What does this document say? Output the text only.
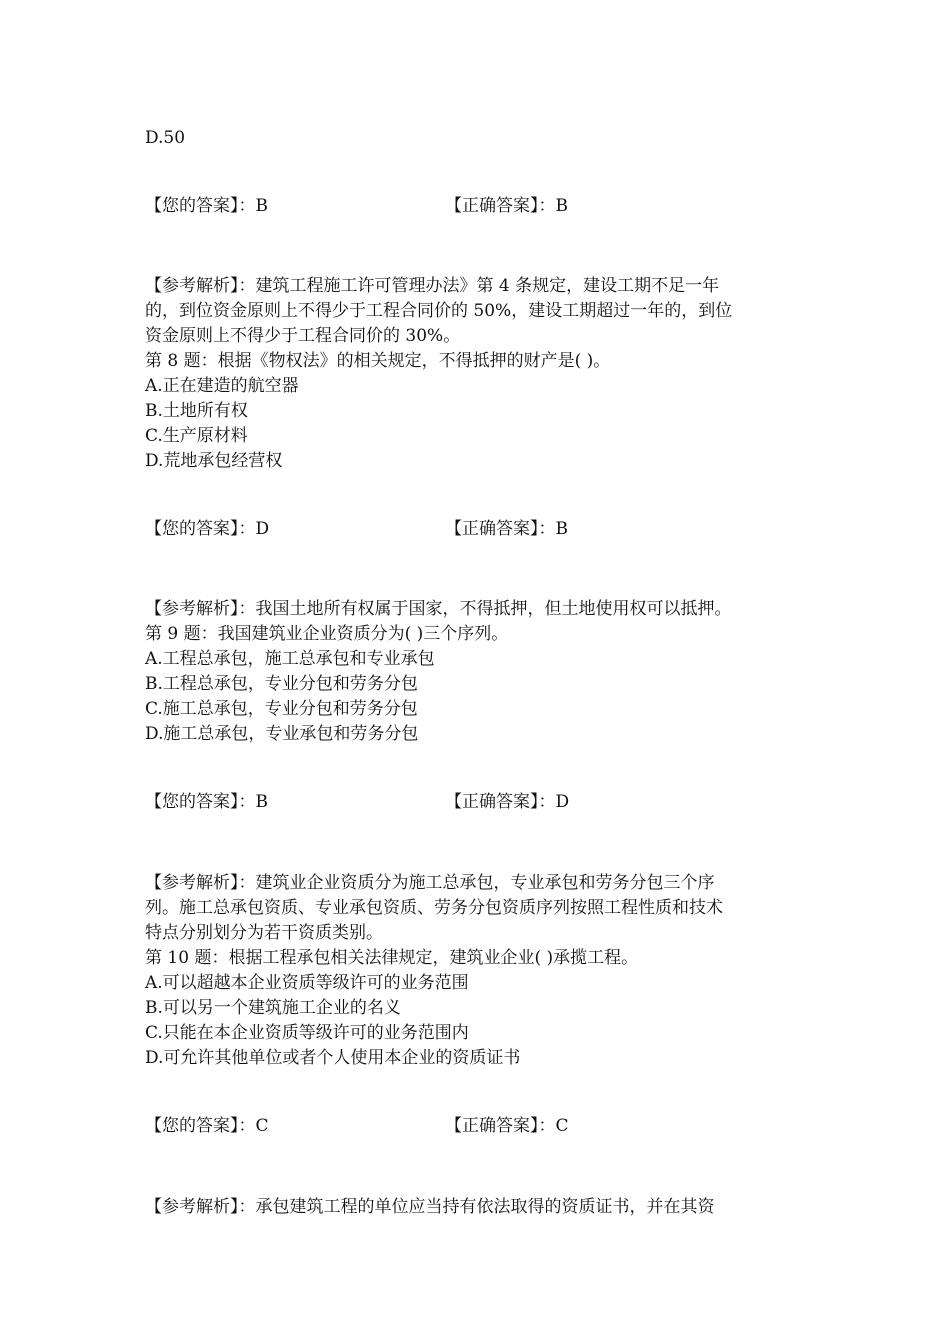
D.50
【您的答案】：B	【正确答案】：B
【参考解析】：建筑工程施工许可管理办法》第 4 条规定，建设工期不足一年
的，到位资金原则上不得少于工程合同价的 50%，建设工期超过一年的，到位
资金原则上不得少于工程合同价的 30%。
第 8 题：根据《物权法》的相关规定，不得抵押的财产是( )。
A.正在建造的航空器
B.土地所有权
C.生产原材料
D.荒地承包经营权
【您的答案】：D	【正确答案】：B
【参考解析】：我国土地所有权属于国家，不得抵押，但土地使用权可以抵押。
第 9 题：我国建筑业企业资质分为( )三个序列。
A.工程总承包，施工总承包和专业承包
B.工程总承包，专业分包和劳务分包
C.施工总承包，专业分包和劳务分包
D.施工总承包，专业承包和劳务分包
【您的答案】：B	【正确答案】：D
【参考解析】：建筑业企业资质分为施工总承包，专业承包和劳务分包三个序
列。施工总承包资质、专业承包资质、劳务分包资质序列按照工程性质和技术
特点分别划分为若干资质类别。
第 10 题：根据工程承包相关法律规定，建筑业企业( )承揽工程。
A.可以超越本企业资质等级许可的业务范围
B.可以另一个建筑施工企业的名义
C.只能在本企业资质等级许可的业务范围内
D.可允许其他单位或者个人使用本企业的资质证书
【您的答案】：C	【正确答案】：C
【参考解析】：承包建筑工程的单位应当持有依法取得的资质证书，并在其资
